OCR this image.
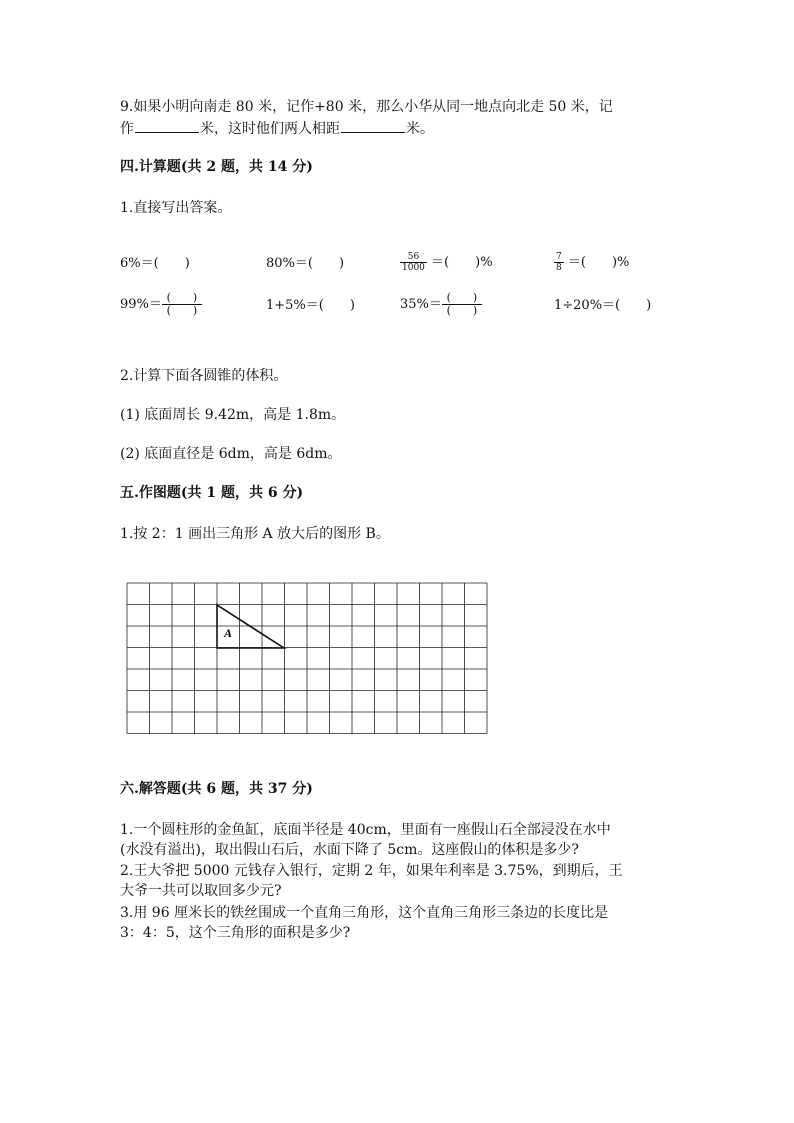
9.如果小明向南走 80 米，记作+80 米，那么小华从同一地点向北走 50 米，记
作	米，这时他们两人相距	米。
四.计算题(共 2 题，共 14 分)
1.直接写出答案。
6%＝(　　)	80%＝(　　)	$\frac{56}{1000}$ ＝(　　)%	$\frac{7}{8}$ ＝(　　)%
$99\%= \frac{( )}{( )}$	1+5%＝(　　)	$35\%= \frac{( )}{( )}$	1÷20%＝(　　)
2.计算下面各圆锥的体积。
(1) 底面周长 9.42m，高是 1.8m。
(2) 底面直径是 6dm，高是 6dm。
五.作图题(共 1 题，共 6 分)
1.按 2：1 画出三角形 A 放大后的图形 B。
A
六.解答题(共 6 题，共 37 分)
1.一个圆柱形的金鱼缸，底面半径是 40cm，里面有一座假山石全部浸没在水中
(水没有溢出)，取出假山石后，水面下降了 5cm。这座假山的体积是多少?
2.王大爷把 5000 元钱存入银行，定期 2 年，如果年利率是 3.75%，到期后，王
大爷一共可以取回多少元?
3.用 96 厘米长的铁丝围成一个直角三角形，这个直角三角形三条边的长度比是
3：4：5，这个三角形的面积是多少?
